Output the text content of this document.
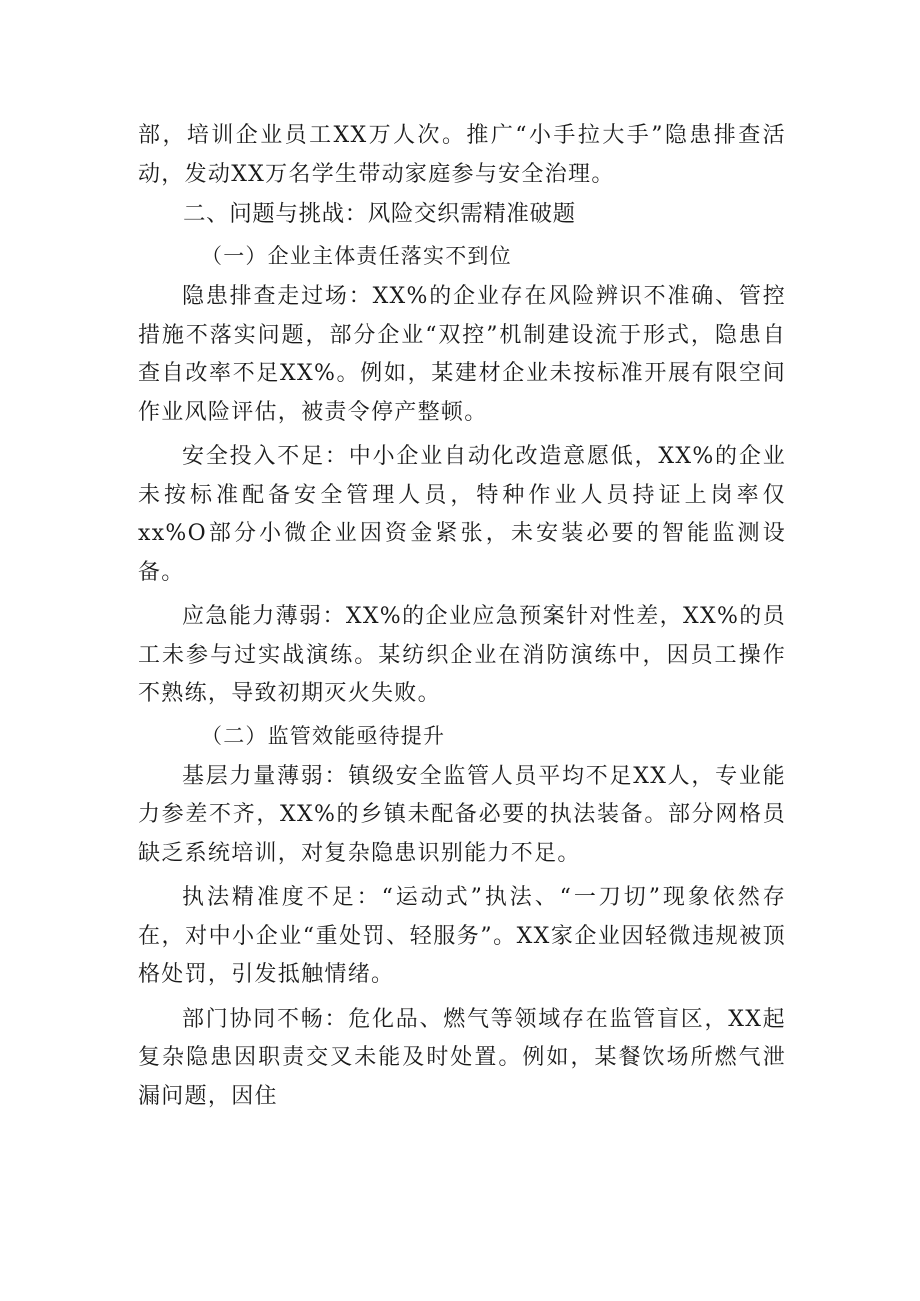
部，培训企业员工XX万人次。推广“小手拉大手”隐患排查活动，发动XX万名学生带动家庭参与安全治理。

二、问题与挑战：风险交织需精准破题

（一）企业主体责任落实不到位

隐患排查走过场：XX%的企业存在风险辨识不准确、管控措施不落实问题，部分企业“双控”机制建设流于形式，隐患自查自改率不足XX%。例如，某建材企业未按标准开展有限空间作业风险评估，被责令停产整顿。

安全投入不足：中小企业自动化改造意愿低，XX%的企业未按标准配备安全管理人员，特种作业人员持证上岗率仅xx%O部分小微企业因资金紧张，未安装必要的智能监测设备。

应急能力薄弱：XX%的企业应急预案针对性差，XX%的员工未参与过实战演练。某纺织企业在消防演练中，因员工操作不熟练，导致初期灭火失败。

（二）监管效能亟待提升

基层力量薄弱：镇级安全监管人员平均不足XX人，专业能力参差不齐，XX%的乡镇未配备必要的执法装备。部分网格员缺乏系统培训，对复杂隐患识别能力不足。

执法精准度不足：“运动式”执法、“一刀切”现象依然存在，对中小企业“重处罚、轻服务”。XX家企业因轻微违规被顶格处罚，引发抵触情绪。

部门协同不畅：危化品、燃气等领域存在监管盲区，XX起复杂隐患因职责交叉未能及时处置。例如，某餐饮场所燃气泄漏问题，因住
